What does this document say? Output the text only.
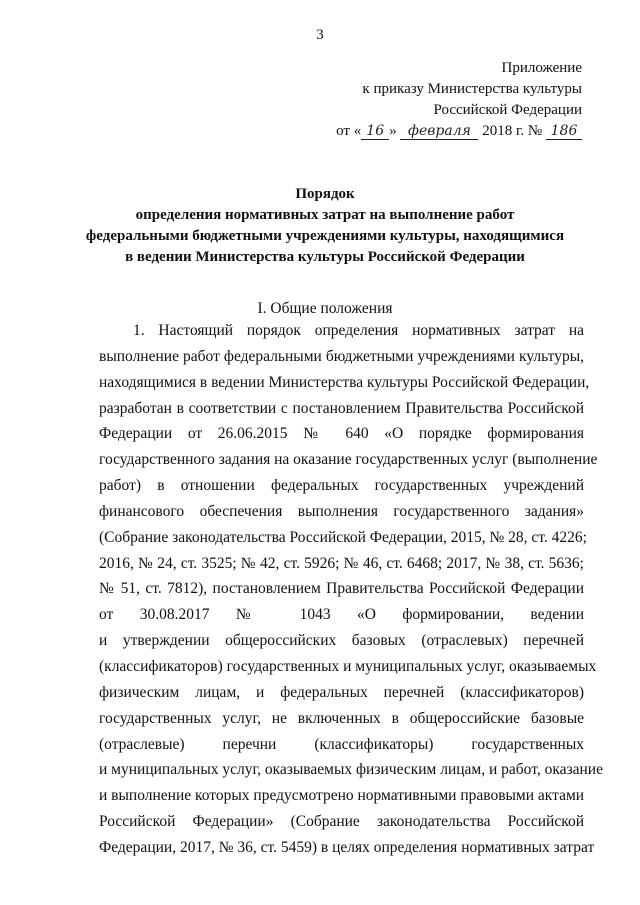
3
Приложение
к приказу Министерства культуры
Российской Федерации
от « 16 » февраля 2018 г. № 186
Порядок
определения нормативных затрат на выполнение работ
федеральными бюджетными учреждениями культуры, находящимися
в ведении Министерства культуры Российской Федерации
I. Общие положения
1. Настоящий порядок определения нормативных затрат на
выполнение работ федеральными бюджетными учреждениями культуры,
находящимися в ведении Министерства культуры Российской Федерации,
разработан в соответствии с постановлением Правительства Российской
Федерации от 26.06.2015 № 640 «О порядке формирования
государственного задания на оказание государственных услуг (выполнение
работ) в отношении федеральных государственных учреждений
финансового обеспечения выполнения государственного задания»
(Собрание законодательства Российской Федерации, 2015, № 28, ст. 4226;
2016, № 24, ст. 3525; № 42, ст. 5926; № 46, ст. 6468; 2017, № 38, ст. 5636;
№ 51, ст. 7812), постановлением Правительства Российской Федерации
от 30.08.2017 № 1043 «О формировании, ведении
и утверждении общероссийских базовых (отраслевых) перечней
(классификаторов) государственных и муниципальных услуг, оказываемых
физическим лицам, и федеральных перечней (классификаторов)
государственных услуг, не включенных в общероссийские базовые
(отраслевые) перечни (классификаторы) государственных
и муниципальных услуг, оказываемых физическим лицам, и работ, оказание
и выполнение которых предусмотрено нормативными правовыми актами
Российской Федерации» (Собрание законодательства Российской
Федерации, 2017, № 36, ст. 5459) в целях определения нормативных затрат
